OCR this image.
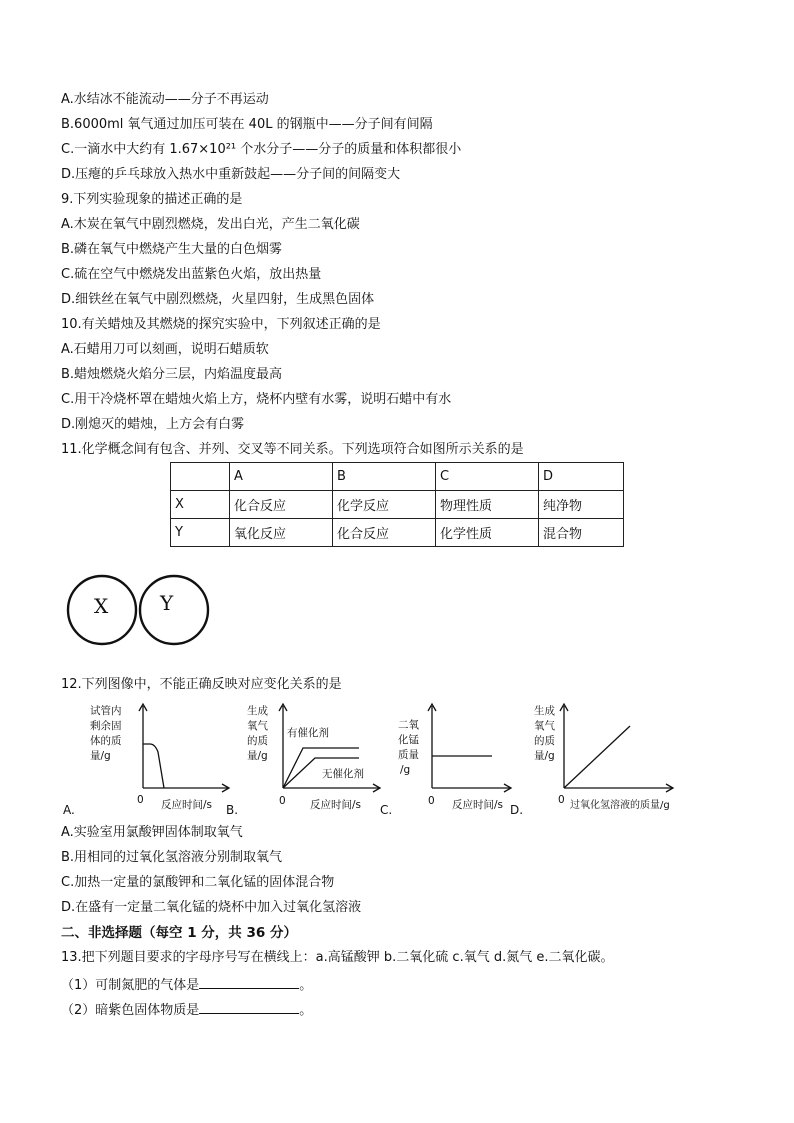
A.水结冰不能流动——分子不再运动
B.6000ml 氧气通过加压可装在 40L 的钢瓶中——分子间有间隔
C.一滴水中大约有 1.67×10²¹ 个水分子——分子的质量和体积都很小
D.压瘪的乒乓球放入热水中重新鼓起——分子间的间隔变大
9.下列实验现象的描述正确的是
A.木炭在氧气中剧烈燃烧，发出白光，产生二氧化碳
B.磷在氧气中燃烧产生大量的白色烟雾
C.硫在空气中燃烧发出蓝紫色火焰，放出热量
D.细铁丝在氧气中剧烈燃烧，火星四射，生成黑色固体
10.有关蜡烛及其燃烧的探究实验中，下列叙述正确的是
A.石蜡用刀可以刻画，说明石蜡质软
B.蜡烛燃烧火焰分三层，内焰温度最高
C.用干冷烧杯罩在蜡烛火焰上方，烧杯内壁有水雾，说明石蜡中有水
D.刚熄灭的蜡烛，上方会有白雾
11.化学概念间有包含、并列、交叉等不同关系。下列选项符合如图所示关系的是
	A	B	C	D
X	化合反应	化学反应	物理性质	纯净物
Y	氧化反应	化合反应	化学性质	混合物
X	Y
12.下列图像中，不能正确反映对应变化关系的是
试管内
剩余固
体的质
量/g
0 反应时间/s
A.
生成
氧气
的质
量/g
有催化剂
无催化剂
0 反应时间/s
B.
二氧
化锰
质量
/g
0 反应时间/s
C.	D.
生成
氧气
的质
量/g
0 过氧化氢溶液的质量/g
A.实验室用氯酸钾固体制取氧气
B.用相同的过氧化氢溶液分别制取氧气
C.加热一定量的氯酸钾和二氧化锰的固体混合物
D.在盛有一定量二氧化锰的烧杯中加入过氧化氢溶液
二、非选择题（每空 1 分，共 36 分）
13.把下列题目要求的字母序号写在横线上：a.高锰酸钾 b.二氧化硫 c.氧气 d.氮气 e.二氧化碳。
（1）可制氮肥的气体是	。
（2）暗紫色固体物质是	。
